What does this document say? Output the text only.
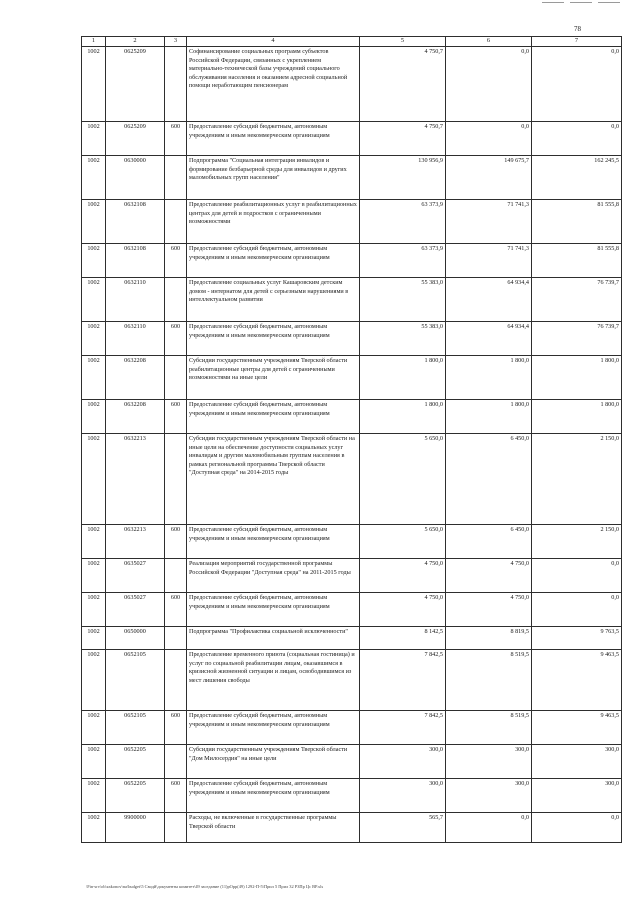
78
1	2	3	4	5	6	7
1002	0625209		Софинансирование социальных программ субъектов Российской Федерации, связанных с укреплением материально-технической базы учреждений социального обслуживания населения и оказанием адресной социальной помощи неработающим пенсионерам	4 750,7	0,0	0,0
1002	0625209	600	Предоставление субсидий бюджетным, автономным учреждениям и иным некоммерческим организациям	4 750,7	0,0	0,0
1002	0630000		Подпрограмма "Социальная интеграция инвалидов и формирование безбарьерной среды для инвалидов и других маломобильных групп населения"	130 956,9	149 675,7	162 245,5
1002	0632108		Предоставление реабилитационных услуг в реабилитационных центрах для детей и подростков с ограниченными возможностями	63 373,9	71 741,3	81 555,8
1002	0632108	600	Предоставление субсидий бюджетным, автономным учреждениям и иным некоммерческим организациям	63 373,9	71 741,3	81 555,8
1002	0632110		Предоставление социальных услуг Кашаровским детским домом - интернатом для детей с серьезными нарушениями в интеллектуальном развитии	55 383,0	64 934,4	76 739,7
1002	0632110	600	Предоставление субсидий бюджетным, автономным учреждениям и иным некоммерческим организациям	55 383,0	64 934,4	76 739,7
1002	0632208		Субсидии государственным учреждениям Тверской области реабилитационные центры для детей с ограниченными возможностями на иные цели	1 800,0	1 800,0	1 800,0
1002	0632208	600	Предоставление субсидий бюджетным, автономным учреждениям и иным некоммерческим организациям	1 800,0	1 800,0	1 800,0
1002	0632213		Субсидии государственным учреждениям Тверской области на иные цели на обеспечение доступности социальных услуг инвалидам и другим маломобильным группам населения в рамках региональной программы Тверской области "Доступная среда" на 2014-2015 годы	5 650,0	6 450,0	2 150,0
1002	0632213	600	Предоставление субсидий бюджетным, автономным учреждениям и иным некоммерческим организациям	5 650,0	6 450,0	2 150,0
1002	0635027		Реализация мероприятий государственной программы Российской Федерации "Доступная среда" на 2011-2015 годы	4 750,0	4 750,0	0,0
1002	0635027	600	Предоставление субсидий бюджетным, автономным учреждениям и иным некоммерческим организациям	4 750,0	4 750,0	0,0
1002	0650000		Подпрограмма "Профилактика социальной исключенности"	8 142,5	8 819,5	9 763,5
1002	0652105		Предоставление временного приюта (социальная гостиница) и услуг по социальной реабилитации лицам, оказавшимся в кризисной жизненной ситуации и лицам, освободившимся из мест лишения свободы	7 842,5	8 519,5	9 463,5
1002	0652105	600	Предоставление субсидий бюджетным, автономным учреждениям и иным некоммерческим организациям	7 842,5	8 519,5	9 463,5
1002	0652205		Субсидии государственным учреждениям Тверской области "Дом Милосердия" на иные цели	300,0	300,0	300,0
1002	0652205	600	Предоставление субсидий бюджетным, автономным учреждениям и иным некоммерческим организациям	300,0	300,0	300,0
1002	9900000		Расходы, не включенные в государственные программы Тверской области	565,7	0,0	0,0
\Fin-srv\ob\zakonov\na\budget\5 Сводй\документы комитет\49 заседание (11)рОрр(49) 1292-П-5\Прил 5 Прил 32 РЗПр Цс ВР.xls
